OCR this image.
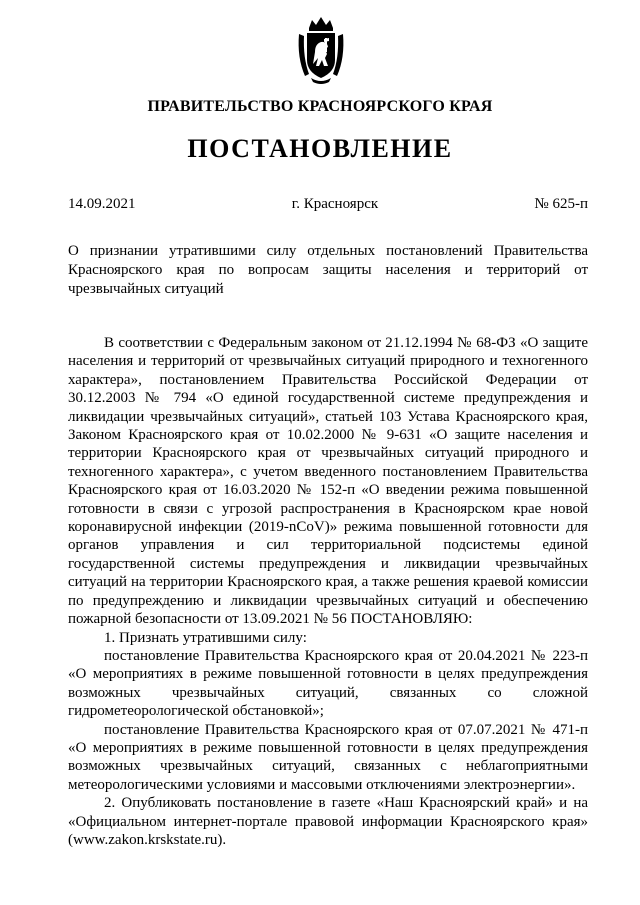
ПРАВИТЕЛЬСТВО КРАСНОЯРСКОГО КРАЯ
ПОСТАНОВЛЕНИЕ
14.09.2021	г. Красноярск	№ 625-п
О признании утратившими силу отдельных постановлений Правительства Красноярского края по вопросам защиты населения и территорий от чрезвычайных ситуаций

В соответствии с Федеральным законом от 21.12.1994 № 68-ФЗ «О защите населения и территорий от чрезвычайных ситуаций природного и техногенного характера», постановлением Правительства Российской Федерации от 30.12.2003 № 794 «О единой государственной системе предупреждения и ликвидации чрезвычайных ситуаций», статьей 103 Устава Красноярского края, Законом Красноярского края от 10.02.2000 № 9-631 «О защите населения и территории Красноярского края от чрезвычайных ситуаций природного и техногенного характера», с учетом введенного постановлением Правительства Красноярского края от 16.03.2020 № 152-п «О введении режима повышенной готовности в связи с угрозой распространения в Красноярском крае новой коронавирусной инфекции (2019-nCoV)» режима повышенной готовности для органов управления и сил территориальной подсистемы единой государственной системы предупреждения и ликвидации чрезвычайных ситуаций на территории Красноярского края, а также решения краевой комиссии по предупреждению и ликвидации чрезвычайных ситуаций и обеспечению пожарной безопасности от 13.09.2021 № 56 ПОСТАНОВЛЯЮ:

1. Признать утратившими силу:

постановление Правительства Красноярского края от 20.04.2021 № 223-п «О мероприятиях в режиме повышенной готовности в целях предупреждения возможных чрезвычайных ситуаций, связанных со сложной гидрометеорологической обстановкой»;

постановление Правительства Красноярского края от 07.07.2021 № 471-п «О мероприятиях в режиме повышенной готовности в целях предупреждения возможных чрезвычайных ситуаций, связанных с неблагоприятными метеорологическими условиями и массовыми отключениями электроэнергии».

2. Опубликовать постановление в газете «Наш Красноярский край» и на «Официальном интернет-портале правовой информации Красноярского края» (www.zakon.krskstate.ru).
